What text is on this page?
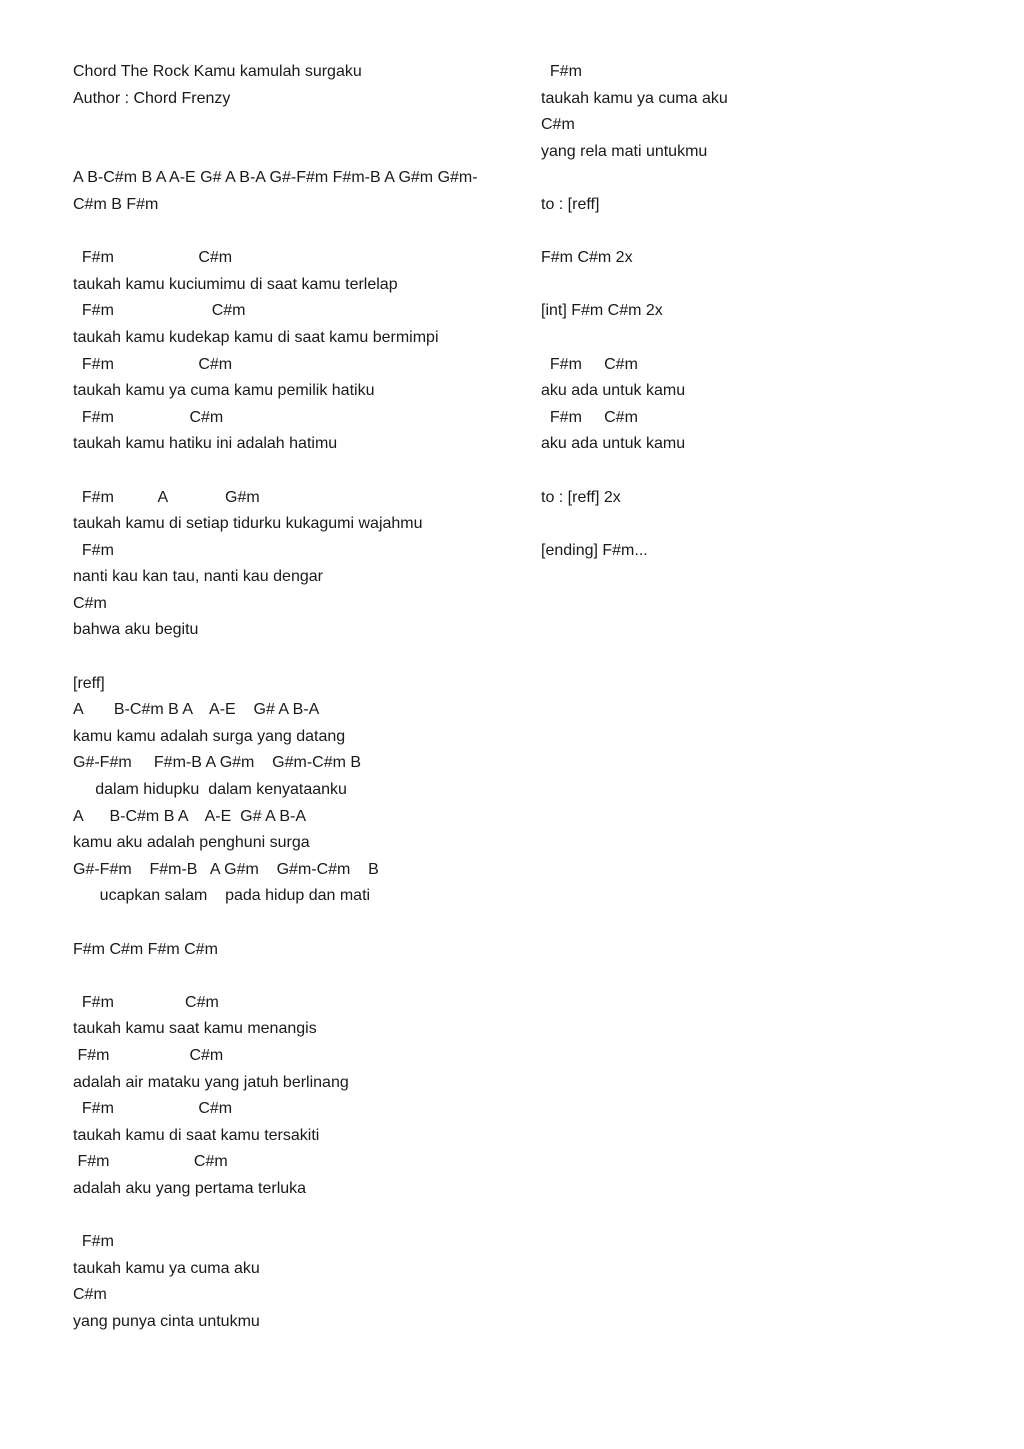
Chord The Rock Kamu kamulah surgaku
Author : Chord Frenzy
A B-C#m B A A-E G# A B-A G#-F#m F#m-B A G#m G#m-
C#m B F#m
F#m                   C#m
taukah kamu kuciumimu di saat kamu terlelap
F#m                      C#m
taukah kamu kudekap kamu di saat kamu bermimpi
F#m                   C#m
taukah kamu ya cuma kamu pemilik hatiku
F#m                 C#m
taukah kamu hatiku ini adalah hatimu
F#m          A             G#m
taukah kamu di setiap tidurku kukagumi wajahmu
F#m
nanti kau kan tau, nanti kau dengar
C#m
bahwa aku begitu
[reff]
A       B-C#m B A    A-E    G# A B-A
kamu kamu adalah surga yang datang
G#-F#m     F#m-B A G#m    G#m-C#m B
dalam hidupku  dalam kenyataanku
A      B-C#m B A    A-E  G# A B-A
kamu aku adalah penghuni surga
G#-F#m    F#m-B   A G#m    G#m-C#m    B
ucapkan salam    pada hidup dan mati
F#m C#m F#m C#m
F#m                C#m
taukah kamu saat kamu menangis
F#m                  C#m
adalah air mataku yang jatuh berlinang
F#m                   C#m
taukah kamu di saat kamu tersakiti
F#m                   C#m
adalah aku yang pertama terluka
F#m
taukah kamu ya cuma aku
C#m
yang punya cinta untukmu
F#m
taukah kamu ya cuma aku
C#m
yang rela mati untukmu
to : [reff]
F#m C#m 2x
[int] F#m C#m 2x
F#m     C#m
aku ada untuk kamu
F#m     C#m
aku ada untuk kamu
to : [reff] 2x
[ending] F#m...
